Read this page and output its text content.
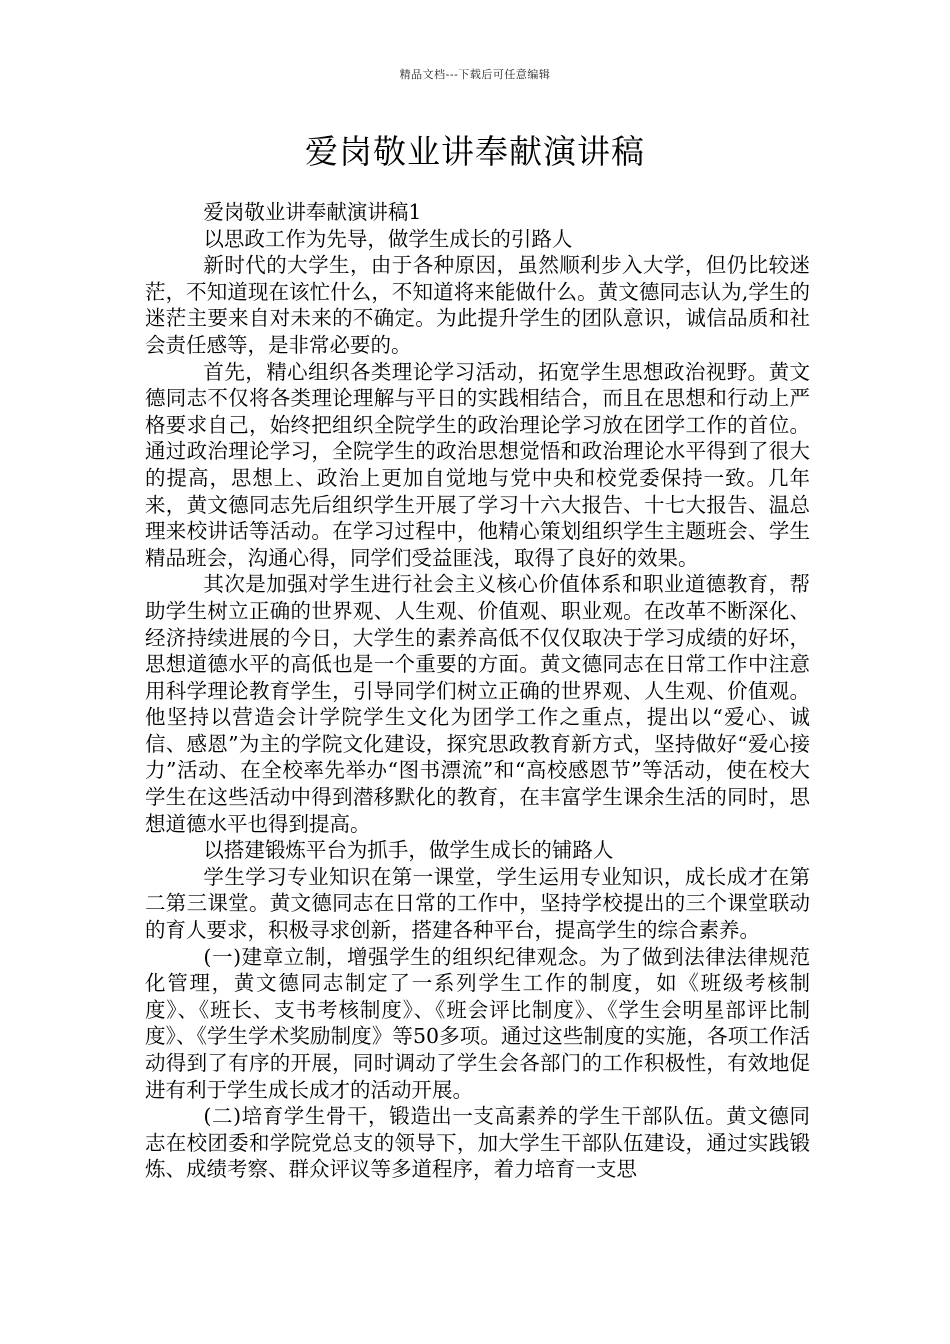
精品文档---下载后可任意编辑
爱岗敬业讲奉献演讲稿

爱岗敬业讲奉献演讲稿1

以思政工作为先导，做学生成长的引路人

新时代的大学生，由于各种原因，虽然顺利步入大学，但仍比较迷茫，不知道现在该忙什么，不知道将来能做什么。黄文德同志认为,学生的迷茫主要来自对未来的不确定。为此提升学生的团队意识，诚信品质和社会责任感等，是非常必要的。

首先，精心组织各类理论学习活动，拓宽学生思想政治视野。黄文德同志不仅将各类理论理解与平日的实践相结合，而且在思想和行动上严格要求自己，始终把组织全院学生的政治理论学习放在团学工作的首位。通过政治理论学习，全院学生的政治思想觉悟和政治理论水平得到了很大的提高，思想上、政治上更加自觉地与党中央和校党委保持一致。几年来，黄文德同志先后组织学生开展了学习十六大报告、十七大报告、温总理来校讲话等活动。在学习过程中，他精心策划组织学生主题班会、学生精品班会，沟通心得，同学们受益匪浅，取得了良好的效果。

其次是加强对学生进行社会主义核心价值体系和职业道德教育，帮助学生树立正确的世界观、人生观、价值观、职业观。在改革不断深化、经济持续进展的今日，大学生的素养高低不仅仅取决于学习成绩的好坏，思想道德水平的高低也是一个重要的方面。黄文德同志在日常工作中注意用科学理论教育学生，引导同学们树立正确的世界观、人生观、价值观。他坚持以营造会计学院学生文化为团学工作之重点，提出以“爱心、诚信、感恩”为主的学院文化建设，探究思政教育新方式，坚持做好“爱心接力”活动、在全校率先举办“图书漂流”和“高校感恩节”等活动，使在校大学生在这些活动中得到潜移默化的教育，在丰富学生课余生活的同时，思想道德水平也得到提高。

以搭建锻炼平台为抓手，做学生成长的铺路人

学生学习专业知识在第一课堂，学生运用专业知识，成长成才在第二第三课堂。黄文德同志在日常的工作中，坚持学校提出的三个课堂联动的育人要求，积极寻求创新，搭建各种平台，提高学生的综合素养。

(一)建章立制，增强学生的组织纪律观念。为了做到法律法律规范化管理，黄文德同志制定了一系列学生工作的制度，如《班级考核制度》、《班长、支书考核制度》、《班会评比制度》、《学生会明星部评比制度》、《学生学术奖励制度》等50多项。通过这些制度的实施，各项工作活动得到了有序的开展，同时调动了学生会各部门的工作积极性，有效地促进有利于学生成长成才的活动开展。

(二)培育学生骨干，锻造出一支高素养的学生干部队伍。黄文德同志在校团委和学院党总支的领导下，加大学生干部队伍建设，通过实践锻炼、成绩考察、群众评议等多道程序，着力培育一支思
